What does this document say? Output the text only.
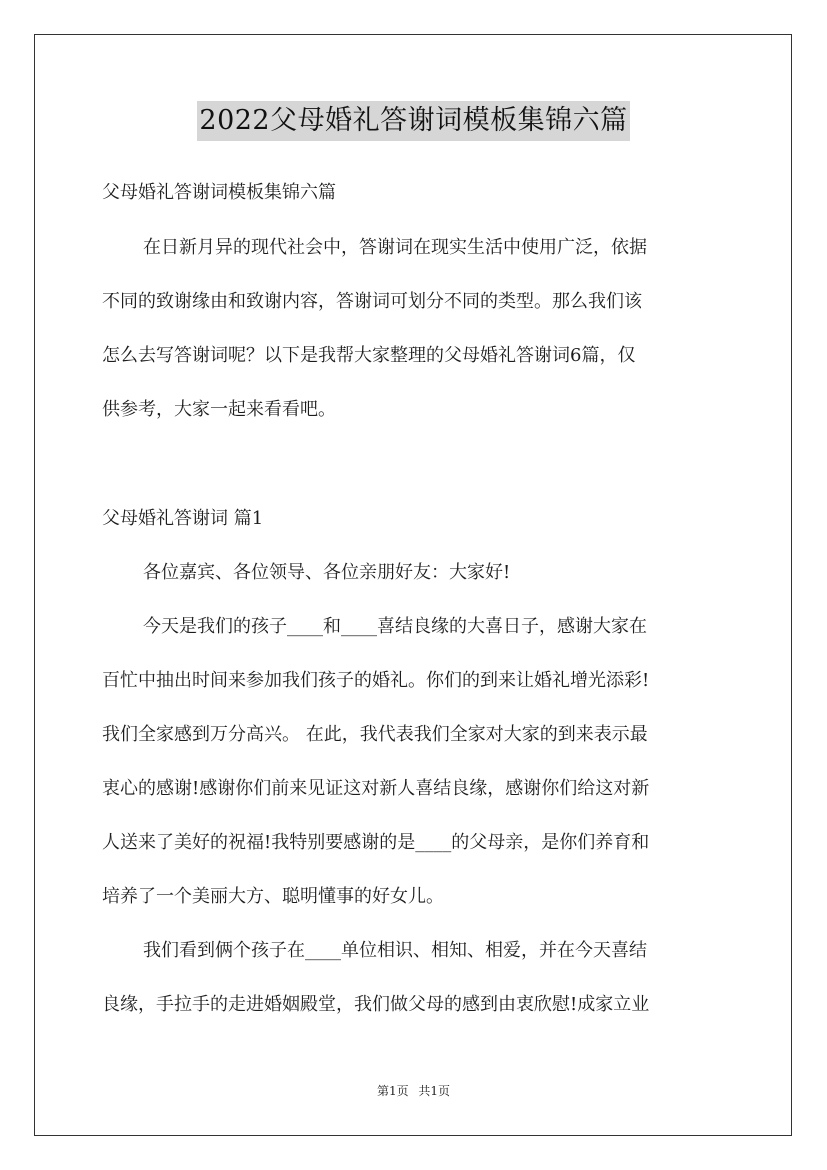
2022父母婚礼答谢词模板集锦六篇
父母婚礼答谢词模板集锦六篇
在日新月异的现代社会中，答谢词在现实生活中使用广泛，依据
不同的致谢缘由和致谢内容，答谢词可划分不同的类型。那么我们该
怎么去写答谢词呢？以下是我帮大家整理的父母婚礼答谢词6篇，仅
供参考，大家一起来看看吧。
父母婚礼答谢词 篇1
各位嘉宾、各位领导、各位亲朋好友：大家好!
今天是我们的孩子____和____喜结良缘的大喜日子，感谢大家在
百忙中抽出时间来参加我们孩子的婚礼。你们的到来让婚礼增光添彩!
我们全家感到万分高兴。 在此，我代表我们全家对大家的到来表示最
衷心的感谢!感谢你们前来见证这对新人喜结良缘，感谢你们给这对新
人送来了美好的祝福!我特别要感谢的是____的父母亲，是你们养育和
培养了一个美丽大方、聪明懂事的好女儿。
我们看到俩个孩子在____单位相识、相知、相爱，并在今天喜结
良缘，手拉手的走进婚姻殿堂，我们做父母的感到由衷欣慰!成家立业
第1页 共1页
